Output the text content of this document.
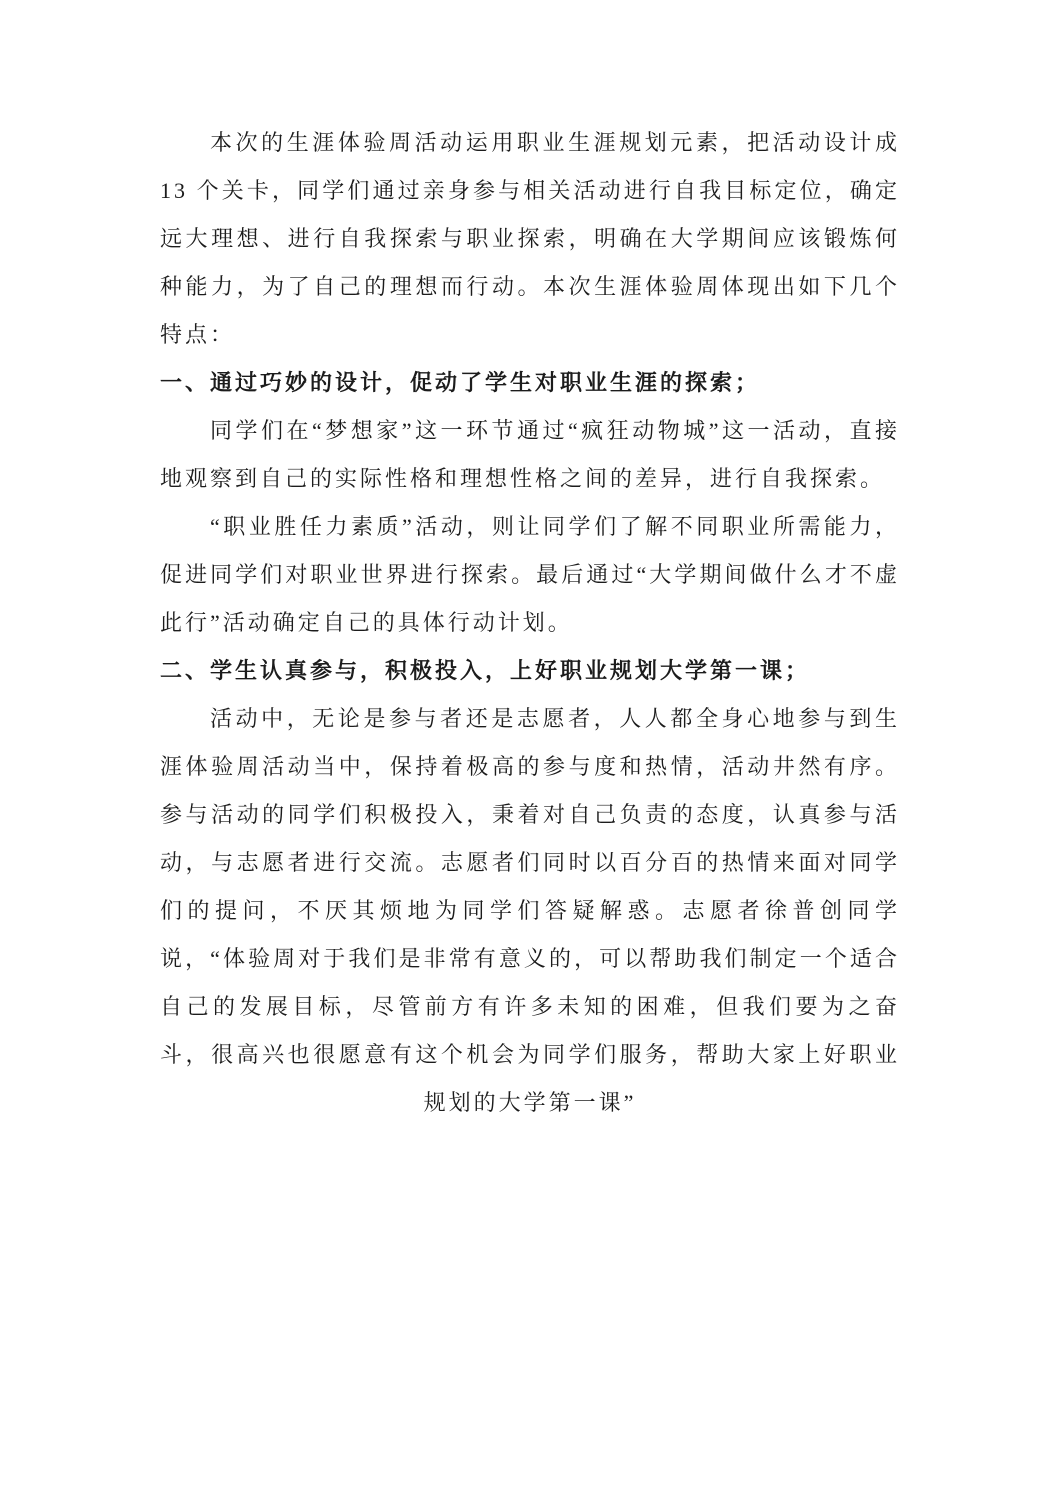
本次的生涯体验周活动运用职业生涯规划元素，把活动设计成 13 个关卡，同学们通过亲身参与相关活动进行自我目标定位，确定远大理想、进行自我探索与职业探索，明确在大学期间应该锻炼何种能力，为了自己的理想而行动。本次生涯体验周体现出如下几个特点：

一、通过巧妙的设计，促动了学生对职业生涯的探索；

同学们在“梦想家”这一环节通过“疯狂动物城”这一活动，直接地观察到自己的实际性格和理想性格之间的差异，进行自我探索。

“职业胜任力素质”活动，则让同学们了解不同职业所需能力，促进同学们对职业世界进行探索。最后通过“大学期间做什么才不虚此行”活动确定自己的具体行动计划。

二、学生认真参与，积极投入，上好职业规划大学第一课；

活动中，无论是参与者还是志愿者，人人都全身心地参与到生涯体验周活动当中，保持着极高的参与度和热情，活动井然有序。参与活动的同学们积极投入，秉着对自己负责的态度，认真参与活动，与志愿者进行交流。志愿者们同时以百分百的热情来面对同学们的提问，不厌其烦地为同学们答疑解惑。志愿者徐普创同学说，“体验周对于我们是非常有意义的，可以帮助我们制定一个适合自己的发展目标，尽管前方有许多未知的困难，但我们要为之奋斗，很高兴也很愿意有这个机会为同学们服务，帮助大家上好职业规划的大学第一课”
